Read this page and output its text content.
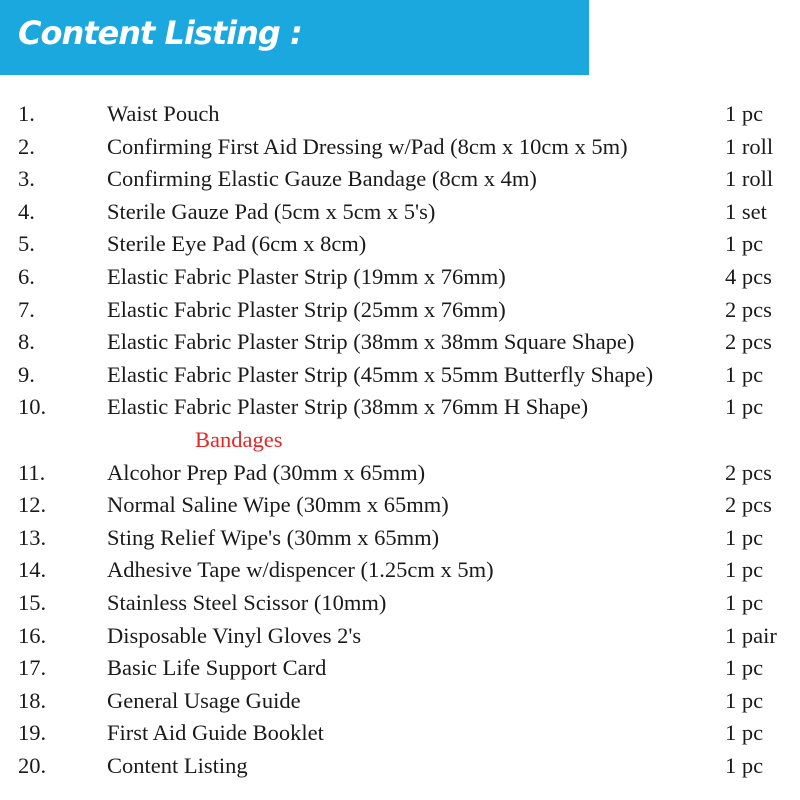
Content Listing :
1.	Waist Pouch	1 pc
2.	Confirming First Aid Dressing w/Pad (8cm x 10cm x 5m)	1 roll
3.	Confirming Elastic Gauze Bandage (8cm x 4m)	1 roll
4.	Sterile Gauze Pad (5cm x 5cm x 5's)	1 set
5.	Sterile Eye Pad (6cm x 8cm)	1 pc
6.	Elastic Fabric Plaster Strip (19mm x 76mm)	4 pcs
7.	Elastic Fabric Plaster Strip (25mm x 76mm)	2 pcs
8.	Elastic Fabric Plaster Strip (38mm x 38mm Square Shape)	2 pcs
9.	Elastic Fabric Plaster Strip (45mm x 55mm Butterfly Shape)	1 pc
10.	Elastic Fabric Plaster Strip (38mm x 76mm H Shape)	1 pc
Bandages
11.	Alcohor Prep Pad (30mm x 65mm)	2 pcs
12.	Normal Saline Wipe (30mm x 65mm)	2 pcs
13.	Sting Relief Wipe's (30mm x 65mm)	1 pc
14.	Adhesive Tape w/dispencer (1.25cm x 5m)	1 pc
15.	Stainless Steel Scissor (10mm)	1 pc
16.	Disposable Vinyl Gloves 2's	1 pair
17.	Basic Life Support Card	1 pc
18.	General Usage Guide	1 pc
19.	First Aid Guide Booklet	1 pc
20.	Content Listing	1 pc
